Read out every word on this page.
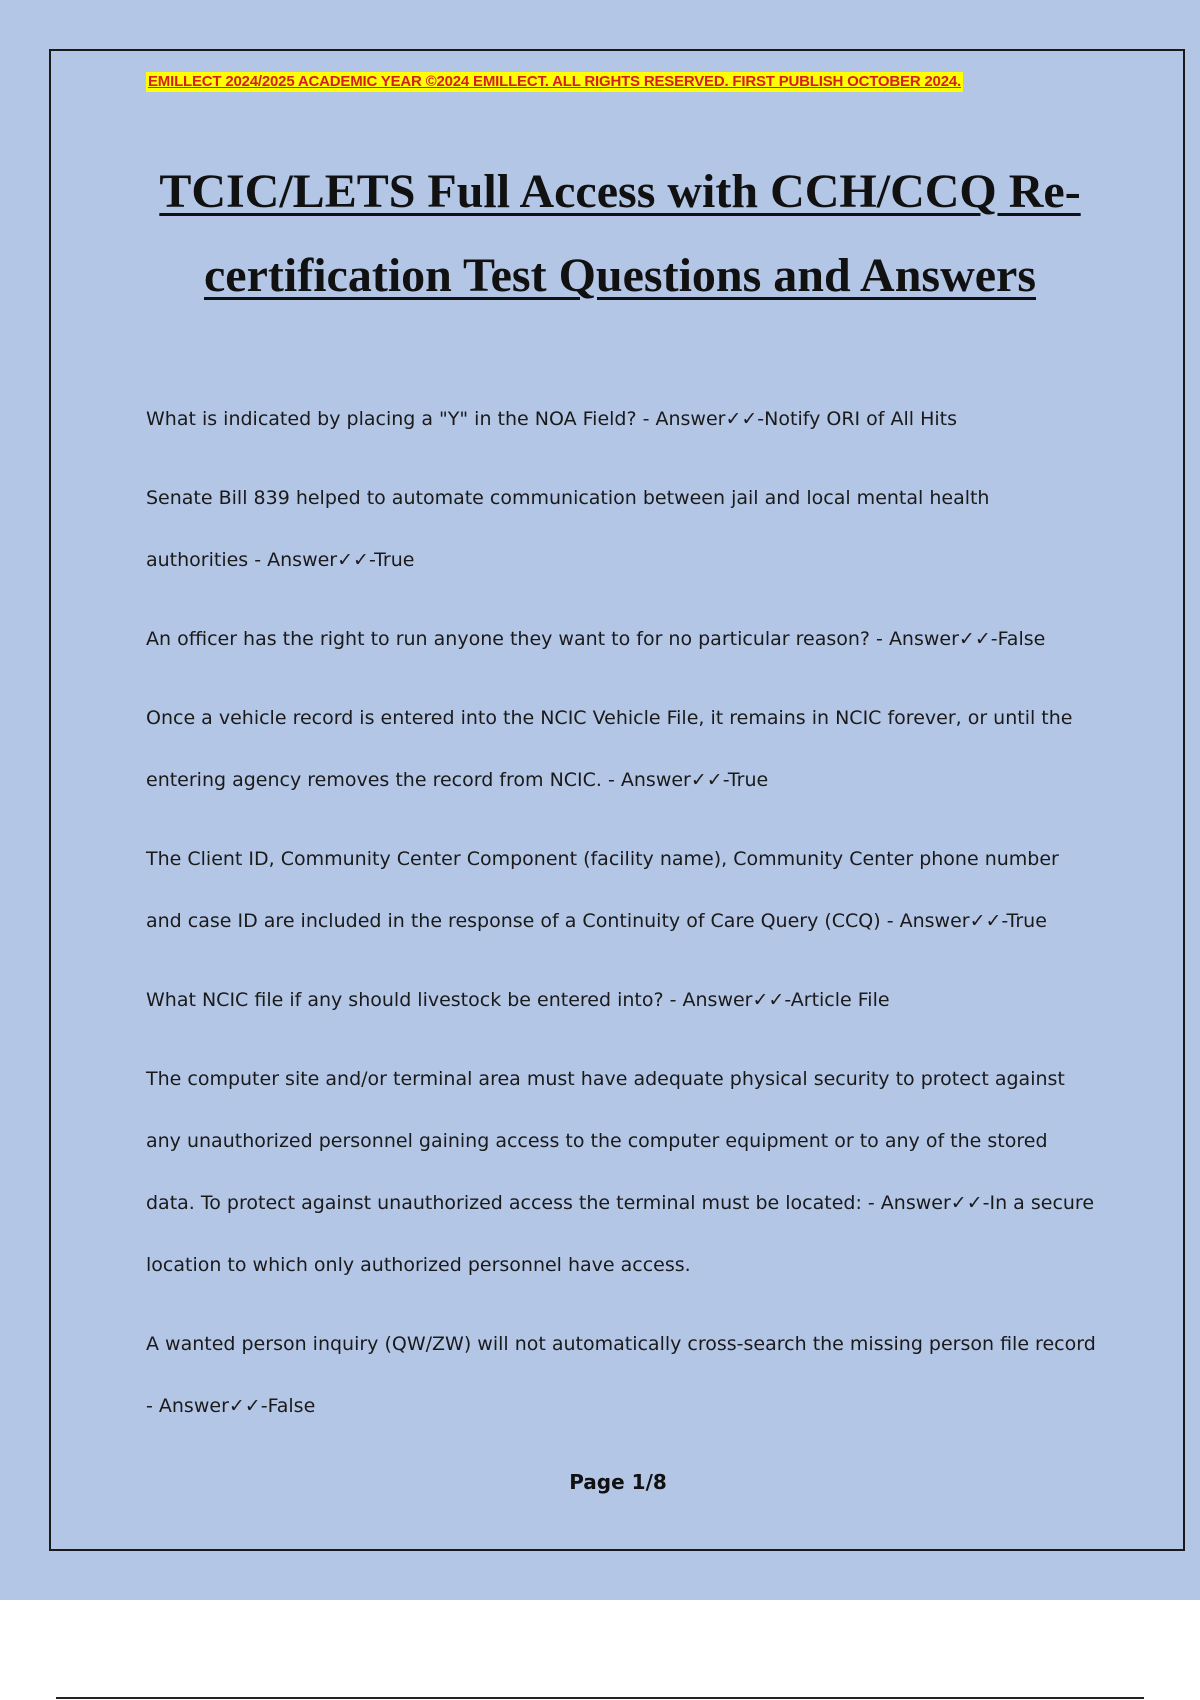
EMILLECT 2024/2025 ACADEMIC YEAR ©2024 EMILLECT. ALL RIGHTS RESERVED. FIRST PUBLISH OCTOBER 2024.
TCIC/LETS Full Access with CCH/CCQ Re-certification Test Questions and Answers
What is indicated by placing a "Y" in the NOA Field? - Answer✓✓-Notify ORI of All Hits
Senate Bill 839 helped to automate communication between jail and local mental health authorities - Answer✓✓-True
An officer has the right to run anyone they want to for no particular reason? - Answer✓✓-False
Once a vehicle record is entered into the NCIC Vehicle File, it remains in NCIC forever, or until the entering agency removes the record from NCIC. - Answer✓✓-True
The Client ID, Community Center Component (facility name), Community Center phone number and case ID are included in the response of a Continuity of Care Query (CCQ) - Answer✓✓-True
What NCIC file if any should livestock be entered into? - Answer✓✓-Article File
The computer site and/or terminal area must have adequate physical security to protect against any unauthorized personnel gaining access to the computer equipment or to any of the stored data. To protect against unauthorized access the terminal must be located: - Answer✓✓-In a secure location to which only authorized personnel have access.
A wanted person inquiry (QW/ZW) will not automatically cross-search the missing person file record - Answer✓✓-False
Page 1/8
